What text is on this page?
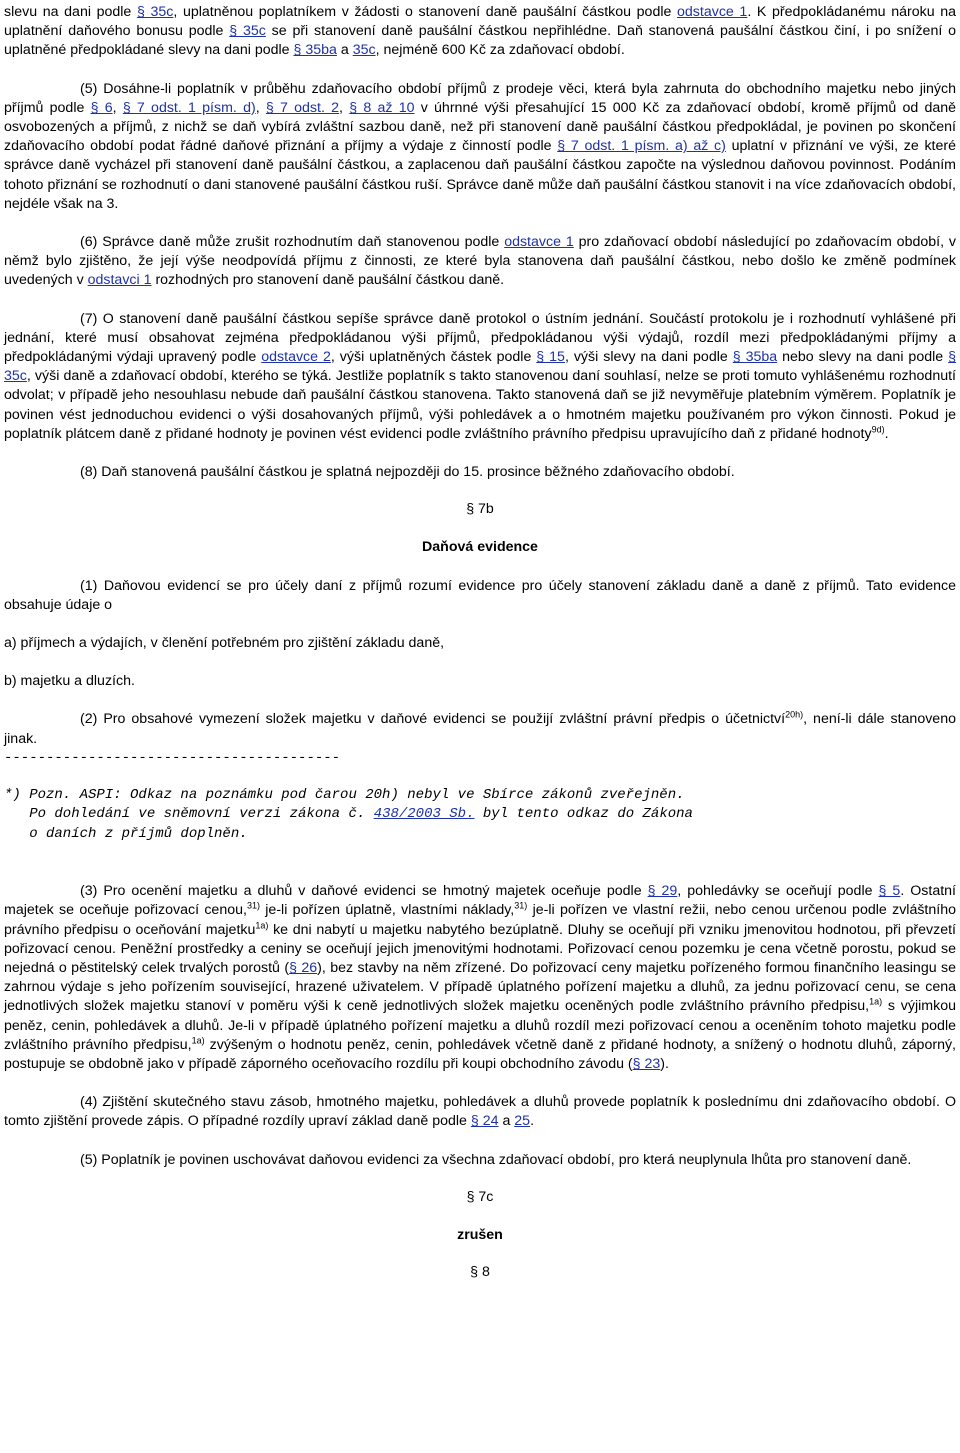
slevu na dani podle § 35c, uplatněnou poplatníkem v žádosti o stanovení daně paušální částkou podle odstavce 1. K předpokládanému nároku na uplatnění daňového bonusu podle § 35c se při stanovení daně paušální částkou nepřihlédne. Daň stanovená paušální částkou činí, i po snížení o uplatněné předpokládané slevy na dani podle § 35ba a 35c, nejméně 600 Kč za zdaňovací období.

(5) Dosáhne-li poplatník v průběhu zdaňovacího období příjmů z prodeje věci, která byla zahrnuta do obchodního majetku nebo jiných příjmů podle § 6, § 7 odst. 1 písm. d), § 7 odst. 2, § 8 až 10 v úhrnné výši přesahující 15 000 Kč za zdaňovací období, kromě příjmů od daně osvobozených a příjmů, z nichž se daň vybírá zvláštní sazbou daně, než při stanovení daně paušální částkou předpokládal, je povinen po skončení zdaňovacího období podat řádné daňové přiznání a příjmy a výdaje z činností podle § 7 odst. 1 písm. a) až c) uplatní v přiznání ve výši, ze které správce daně vycházel při stanovení daně paušální částkou, a zaplacenou daň paušální částkou započte na výslednou daňovou povinnost. Podáním tohoto přiznání se rozhodnutí o dani stanovené paušální částkou ruší. Správce daně může daň paušální částkou stanovit i na více zdaňovacích období, nejdéle však na 3.

(6) Správce daně může zrušit rozhodnutím daň stanovenou podle odstavce 1 pro zdaňovací období následující po zdaňovacím období, v němž bylo zjištěno, že její výše neodpovídá příjmu z činnosti, ze které byla stanovena daň paušální částkou, nebo došlo ke změně podmínek uvedených v odstavci 1 rozhodných pro stanovení daně paušální částkou daně.

(7) O stanovení daně paušální částkou sepíše správce daně protokol o ústním jednání. Součástí protokolu je i rozhodnutí vyhlášené při jednání, které musí obsahovat zejména předpokládanou výši příjmů, předpokládanou výši výdajů, rozdíl mezi předpokládanými příjmy a předpokládanými výdaji upravený podle odstavce 2, výši uplatněných částek podle § 15, výši slevy na dani podle § 35ba nebo slevy na dani podle § 35c, výši daně a zdaňovací období, kterého se týká. Jestliže poplatník s takto stanovenou daní souhlasí, nelze se proti tomuto vyhlášenému rozhodnutí odvolat; v případě jeho nesouhlasu nebude daň paušální částkou stanovena. Takto stanovená daň se již nevyměřuje platebním výměrem. Poplatník je povinen vést jednoduchou evidenci o výši dosahovaných příjmů, výši pohledávek a o hmotném majetku používaném pro výkon činnosti. Pokud je poplatník plátcem daně z přidané hodnoty je povinen vést evidenci podle zvláštního právního předpisu upravujícího daň z přidané hodnoty$^{9d)}$.

(8) Daň stanovená paušální částkou je splatná nejpozději do 15. prosince běžného zdaňovacího období.

§ 7b

Daňová evidence

(1) Daňovou evidencí se pro účely daní z příjmů rozumí evidence pro účely stanovení základu daně a daně z příjmů. Tato evidence obsahuje údaje o

a) příjmech a výdajích, v členění potřebném pro zjištění základu daně,

b) majetku a dluzích.

(2) Pro obsahové vymezení složek majetku v daňové evidenci se použijí zvláštní právní předpis o účetnictví$^{20h)}$, není-li dále stanoveno jinak.

----------------------------------------
*) Pozn. ASPI: Odkaz na poznámku pod čarou 20h) nebyl ve Sbírce zákonů zveřejněn.
Po dohledání ve sněmovní verzi zákona č. 438/2003 Sb. byl tento odkaz do Zákona
o daních z příjmů doplněn.

(3) Pro ocenění majetku a dluhů v daňové evidenci se hmotný majetek oceňuje podle § 29, pohledávky se oceňují podle § 5. Ostatní majetek se oceňuje pořizovací cenou,$^{31)}$ je-li pořízen úplatně, vlastními náklady,$^{31)}$ je-li pořízen ve vlastní režii, nebo cenou určenou podle zvláštního právního předpisu o oceňování majetku$^{1a)}$ ke dni nabytí u majetku nabytého bezúplatně. Dluhy se oceňují při vzniku jmenovitou hodnotou, při převzetí pořizovací cenou. Peněžní prostředky a ceniny se oceňují jejich jmenovitými hodnotami. Pořizovací cenou pozemku je cena včetně porostu, pokud se nejedná o pěstitelský celek trvalých porostů (§ 26), bez stavby na něm zřízené. Do pořizovací ceny majetku pořízeného formou finančního leasingu se zahrnou výdaje s jeho pořízením související, hrazené uživatelem. V případě úplatného pořízení majetku a dluhů, za jednu pořizovací cenu, se cena jednotlivých složek majetku stanoví v poměru výši k ceně jednotlivých složek majetku oceněných podle zvláštního právního předpisu,$^{1a)}$ s výjimkou peněz, cenin, pohledávek a dluhů. Je-li v případě úplatného pořízení majetku a dluhů rozdíl mezi pořizovací cenou a oceněním tohoto majetku podle zvláštního právního předpisu,$^{1a)}$ zvýšeným o hodnotu peněz, cenin, pohledávek včetně daně z přidané hodnoty, a snížený o hodnotu dluhů, záporný, postupuje se obdobně jako v případě záporného oceňovacího rozdílu při koupi obchodního závodu (§ 23).

(4) Zjištění skutečného stavu zásob, hmotného majetku, pohledávek a dluhů provede poplatník k poslednímu dni zdaňovacího období. O tomto zjištění provede zápis. O případné rozdíly upraví základ daně podle § 24 a 25.

(5) Poplatník je povinen uschovávat daňovou evidenci za všechna zdaňovací období, pro která neuplynula lhůta pro stanovení daně.

§ 7c

zrušen

§ 8
